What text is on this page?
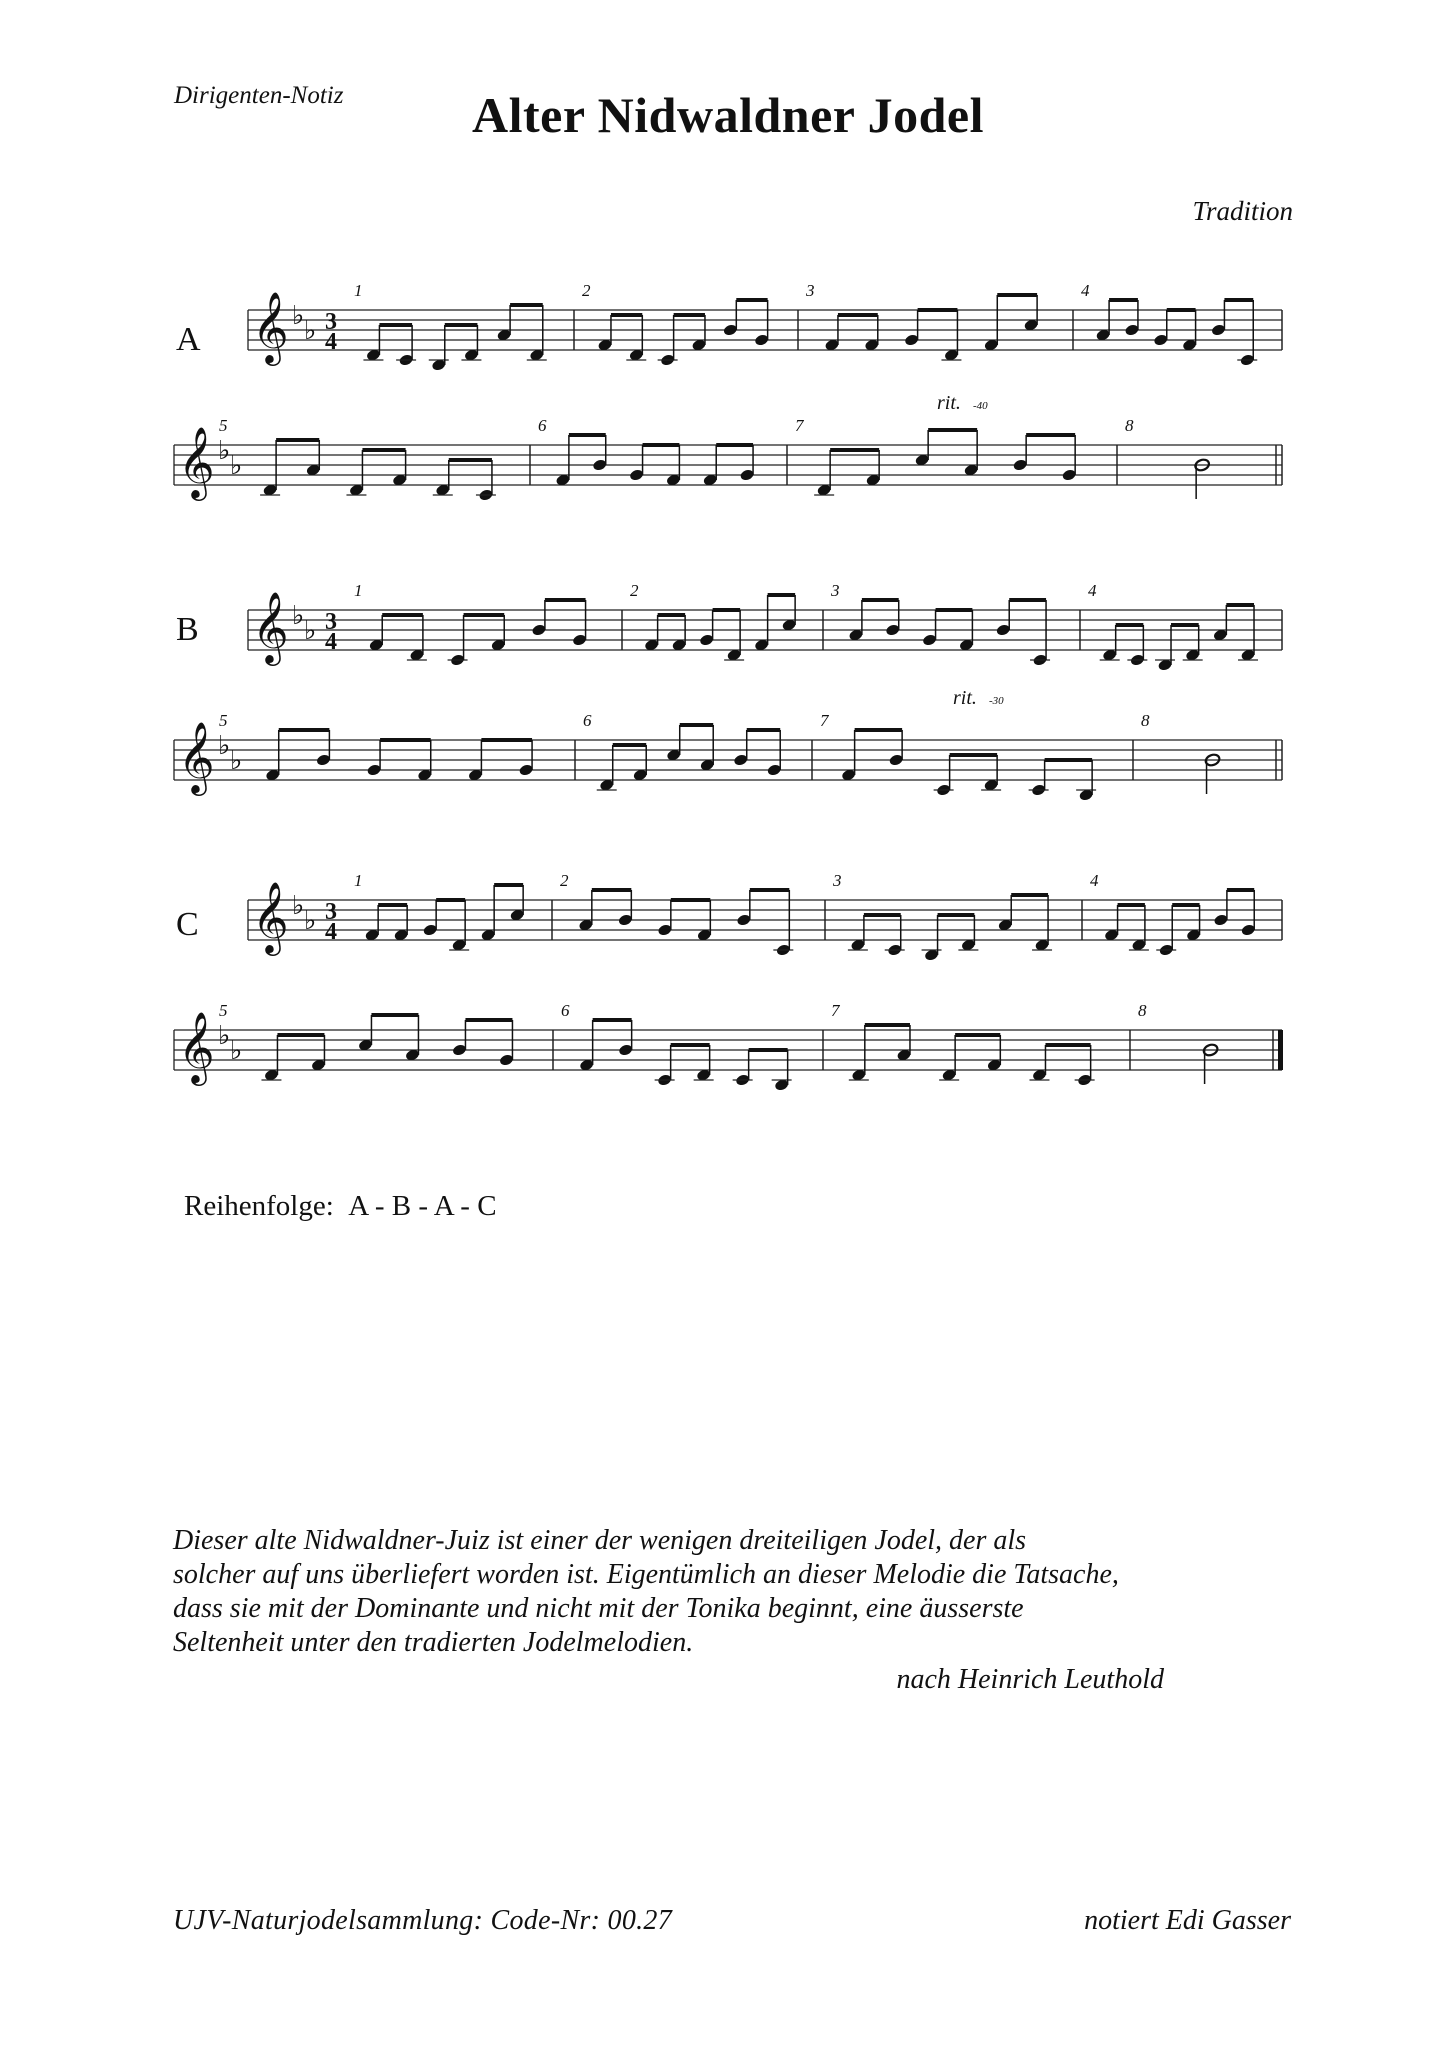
Dirigenten-Notiz	Alter Nidwaldner Jodel
Tradition
𝄞 ♭
♭ 3
4
A
1	2	3	4
𝄞 ♭
♭
5	6	7	8
rit. -40
𝄞 ♭
♭ 3
4
B
1	2	3	4
𝄞 ♭
♭
5	6	7	8
rit. -30
𝄞 ♭
♭ 3
4
C
1	2	3	4
𝄞 ♭
♭
5	6	7	8
Reihenfolge: A - B - A - C

Dieser alte Nidwaldner-Juiz ist einer der wenigen dreiteiligen Jodel, der als

solcher auf uns überliefert worden ist. Eigentümlich an dieser Melodie die Tatsache,

dass sie mit der Dominante und nicht mit der Tonika beginnt, eine äusserste

Seltenheit unter den tradierten Jodelmelodien.

nach Heinrich Leuthold
UJV-Naturjodelsammlung: Code-Nr: 00.27	notiert Edi Gasser
